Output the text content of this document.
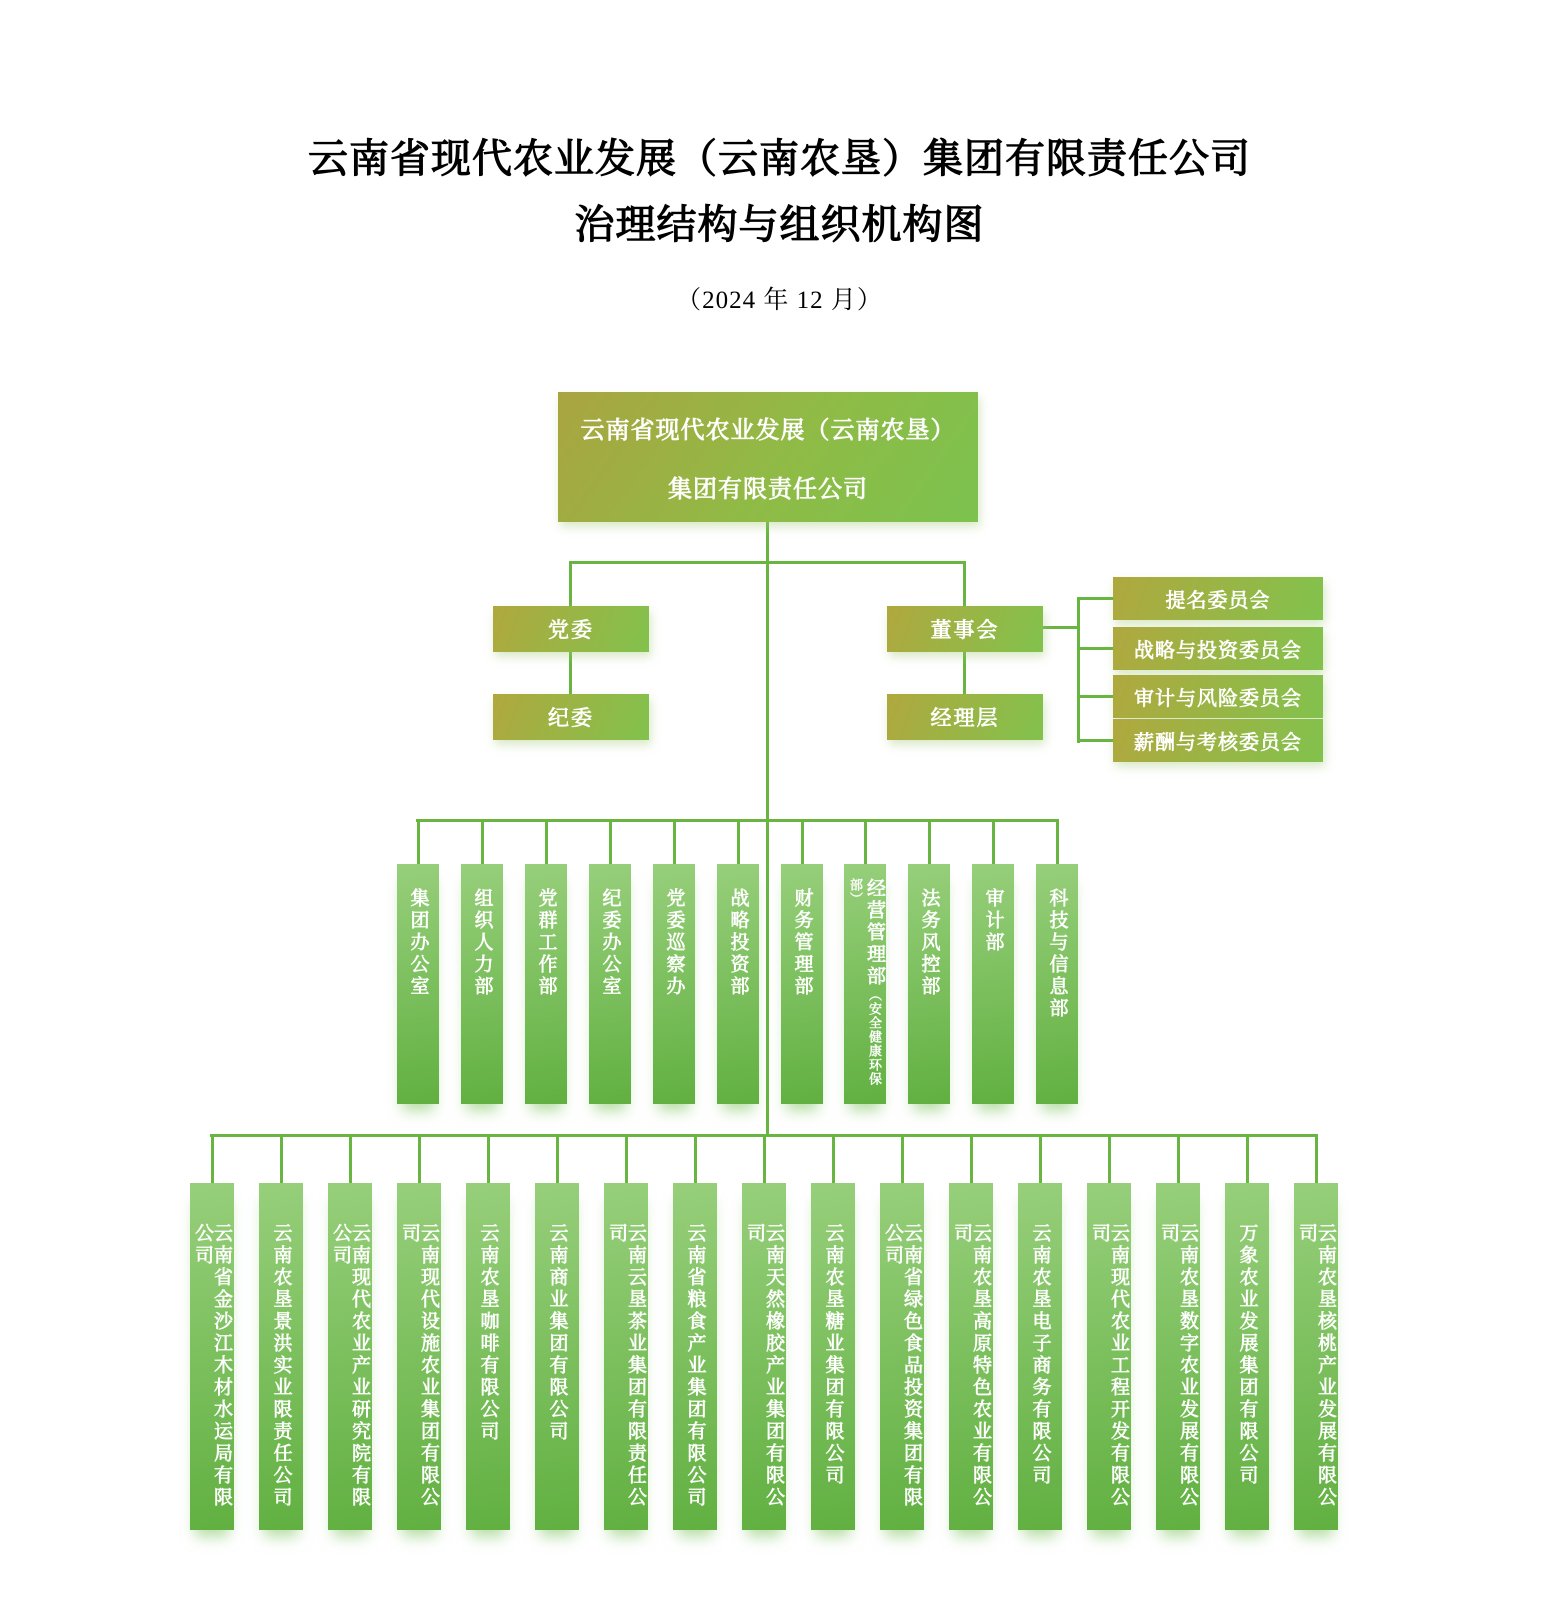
云南省现代农业发展（云南农垦）集团有限责任公司
治理结构与组织机构图
（2024 年 12 月）
云南省现代农业发展（云南农垦）
集团有限责任公司
党委
纪委
董事会
经理层
提名委员会
战略与投资委员会
审计与风险委员会
薪酬与考核委员会
集团办公室 组织人力部 党群工作部 纪委办公室 党委巡察办 战略投资部 财务管理部	经营管理部（安全健康环保部）	法务风控部 审计部 科技与信息部
云南省金沙江木材水运局有限公司	云南农垦景洪实业限责任公司	云南现代农业产业研究院有限公司	云南现代设施农业集团有限公司	云南农垦咖啡有限公司	云南商业集团有限公司	云南云垦茶业集团有限责任公司	云南省粮食产业集团有限公司	云南天然橡胶产业集团有限公司	云南农垦糖业集团有限公司	云南省绿色食品投资集团有限公司	云南农垦高原特色农业有限公司	云南农垦电子商务有限公司	云南现代农业工程开发有限公司	云南农垦数字农业发展有限公司	万象农业发展集团有限公司	云南农垦核桃产业发展有限公司
